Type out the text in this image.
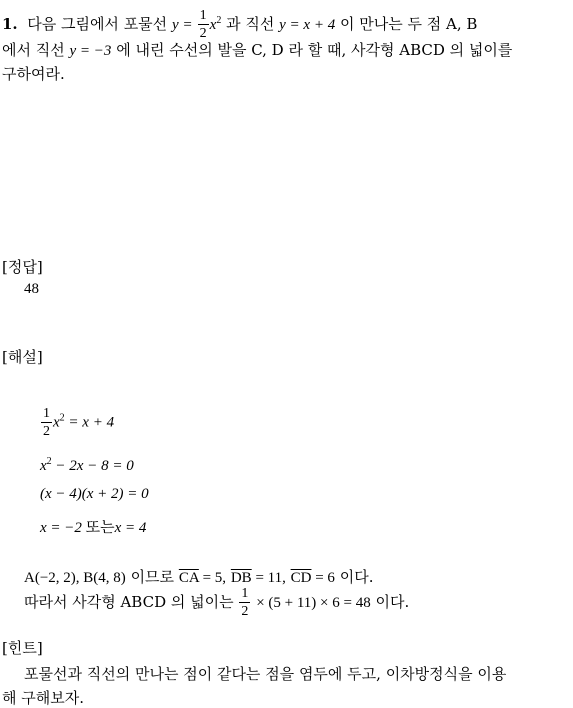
1. 다음 그림에서 포물선 $y = \frac{1}{2} x^2$ 과 직선 y = x + 4 이 만나는 두 점 A, B
에서 직선 y = −3 에 내린 수선의 발을 C, D 라 할 때, 사각형 ABCD 의 넓이를
구하여라.
[정답]
48
[해설]
$\frac{1}{2} x^2 = x + 4$
$x^2 - 2x - 8 = 0$
(x − 4)(x + 2) = 0
x = −2 또는x = 4
A(−2, 2), B(4, 8) 이므로 $\overline{CA} = 5$, $\overline{DB} = 11$, $\overline{CD} = 6$ 이다.
따라서 사각형 ABCD 의 넓이는 $\frac{1}{2} \times (5 + 11) \times 6 = 48$ 이다.
[힌트]
포물선과 직선의 만나는 점이 같다는 점을 염두에 두고, 이차방정식을 이용
해 구해보자.
